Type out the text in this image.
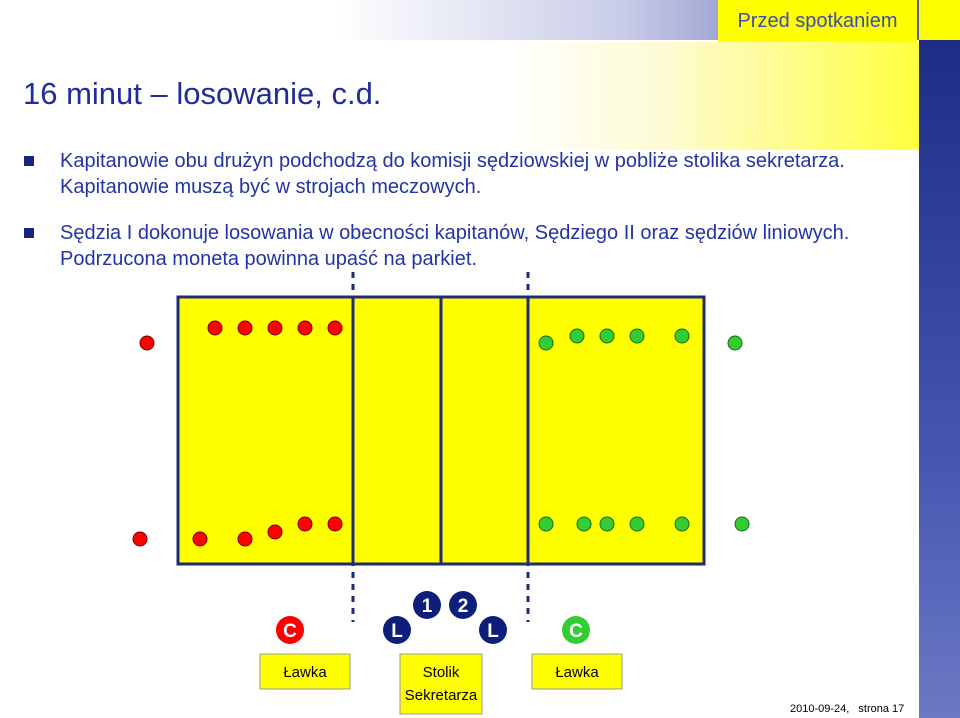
Przed spotkaniem
16 minut – losowanie, c.d.
Kapitanowie obu drużyn podchodzą do komisji sędziowskiej w pobliże stolika sekretarza. Kapitanowie muszą być w strojach meczowych.
Sędzia I dokonuje losowania w obecności kapitanów, Sędziego II oraz sędziów liniowych. Podrzucona moneta powinna upaść na parkiet.
C	C
L
1 2
L
Ławka	Stolik
Sekretarza
Ławka
2010-09-24, strona 17
